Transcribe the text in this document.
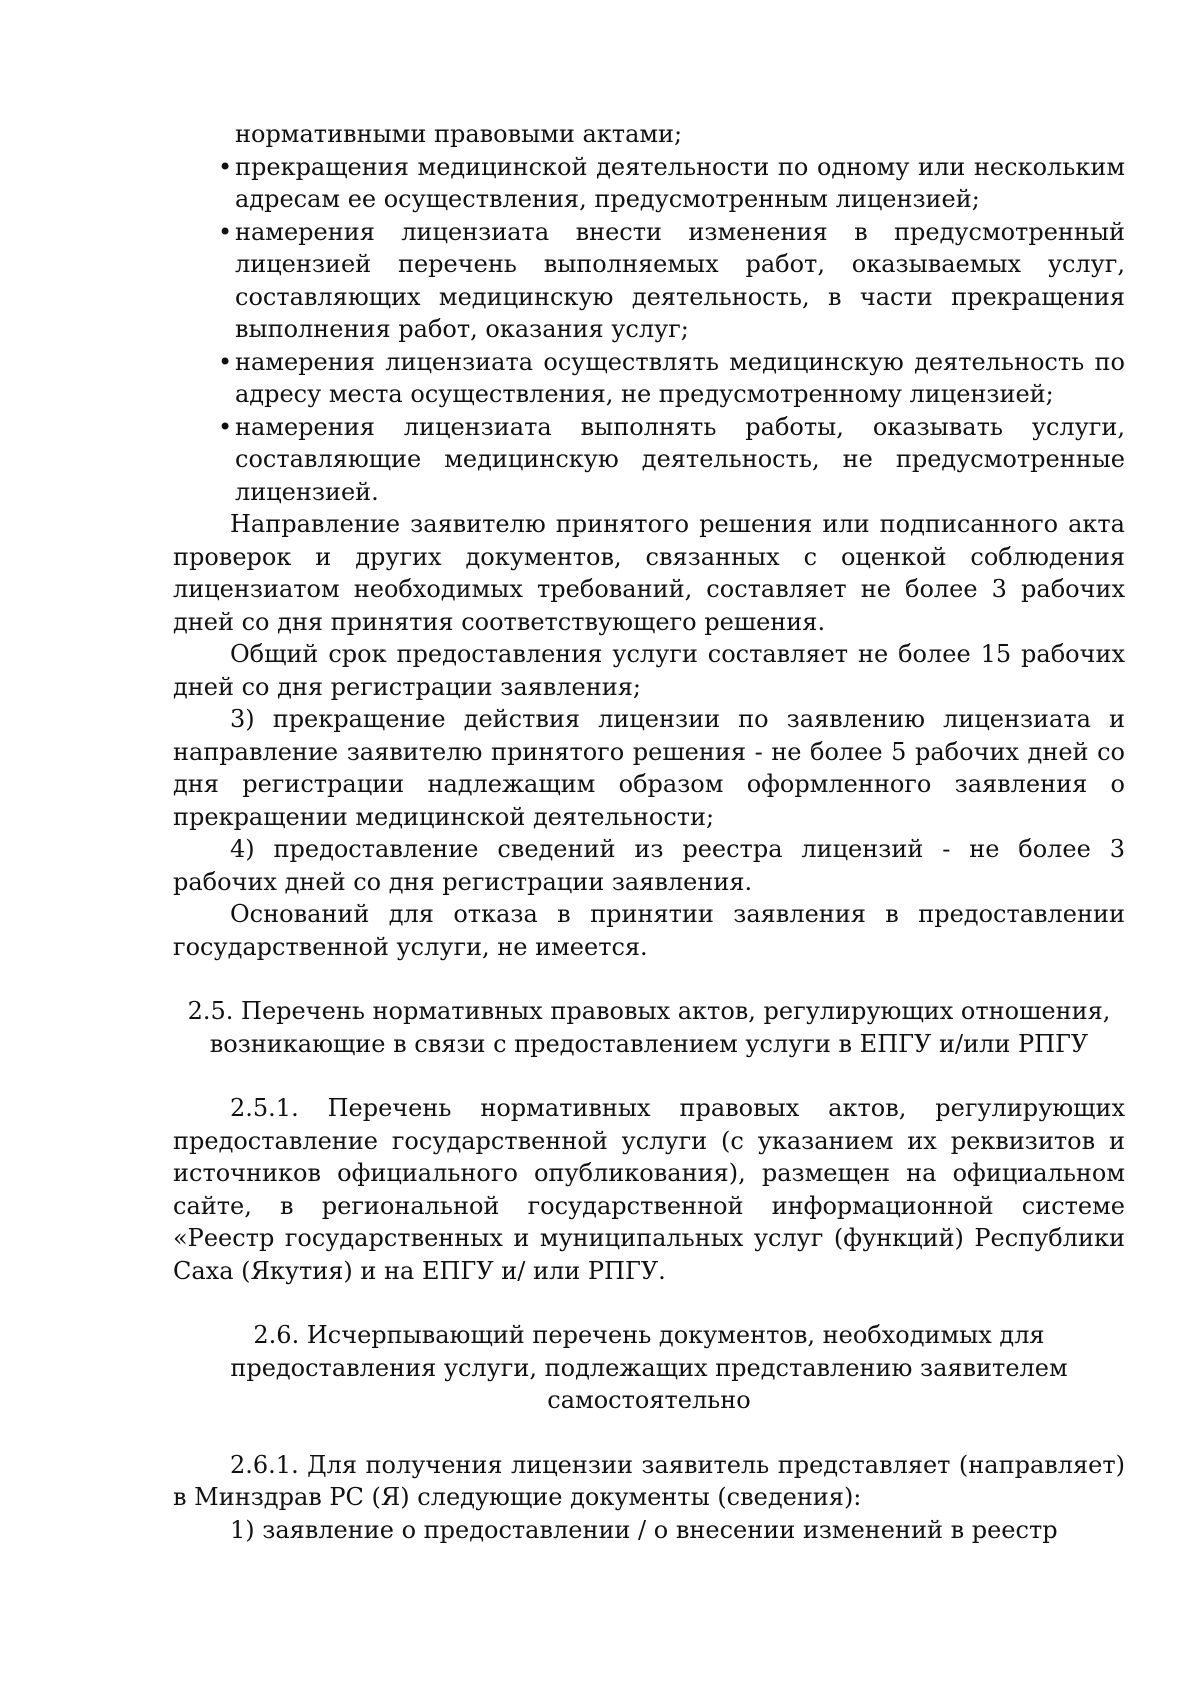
нормативными правовыми актами;
• прекращения медицинской деятельности по одному или нескольким адресам ее осуществления, предусмотренным лицензией;
• намерения лицензиата внести изменения в предусмотренный лицензией перечень выполняемых работ, оказываемых услуг, составляющих медицинскую деятельность, в части прекращения выполнения работ, оказания услуг;
• намерения лицензиата осуществлять медицинскую деятельность по адресу места осуществления, не предусмотренному лицензией;
• намерения лицензиата выполнять работы, оказывать услуги, составляющие медицинскую деятельность, не предусмотренные лицензией.

Направление заявителю принятого решения или подписанного акта проверок и других документов, связанных с оценкой соблюдения лицензиатом необходимых требований, составляет не более 3 рабочих дней со дня принятия соответствующего решения.

Общий срок предоставления услуги составляет не более 15 рабочих дней со дня регистрации заявления;

3) прекращение действия лицензии по заявлению лицензиата и направление заявителю принятого решения - не более 5 рабочих дней со дня регистрации надлежащим образом оформленного заявления о прекращении медицинской деятельности;

4) предоставление сведений из реестра лицензий - не более 3 рабочих дней со дня регистрации заявления.

Оснований для отказа в принятии заявления в предоставлении государственной услуги, не имеется.

2.5. Перечень нормативных правовых актов, регулирующих отношения,
возникающие в связи с предоставлением услуги в ЕПГУ и/или РПГУ

2.5.1. Перечень нормативных правовых актов, регулирующих предоставление государственной услуги (с указанием их реквизитов и источников официального опубликования), размещен на официальном сайте, в региональной государственной информационной системе «Реестр государственных и муниципальных услуг (функций) Республики Саха (Якутия) и на ЕПГУ и/ или РПГУ.

2.6. Исчерпывающий перечень документов, необходимых для
предоставления услуги, подлежащих представлению заявителем
самостоятельно

2.6.1. Для получения лицензии заявитель представляет (направляет) в Минздрав РС (Я) следующие документы (сведения):

1) заявление о предоставлении / о внесении изменений в реестр
